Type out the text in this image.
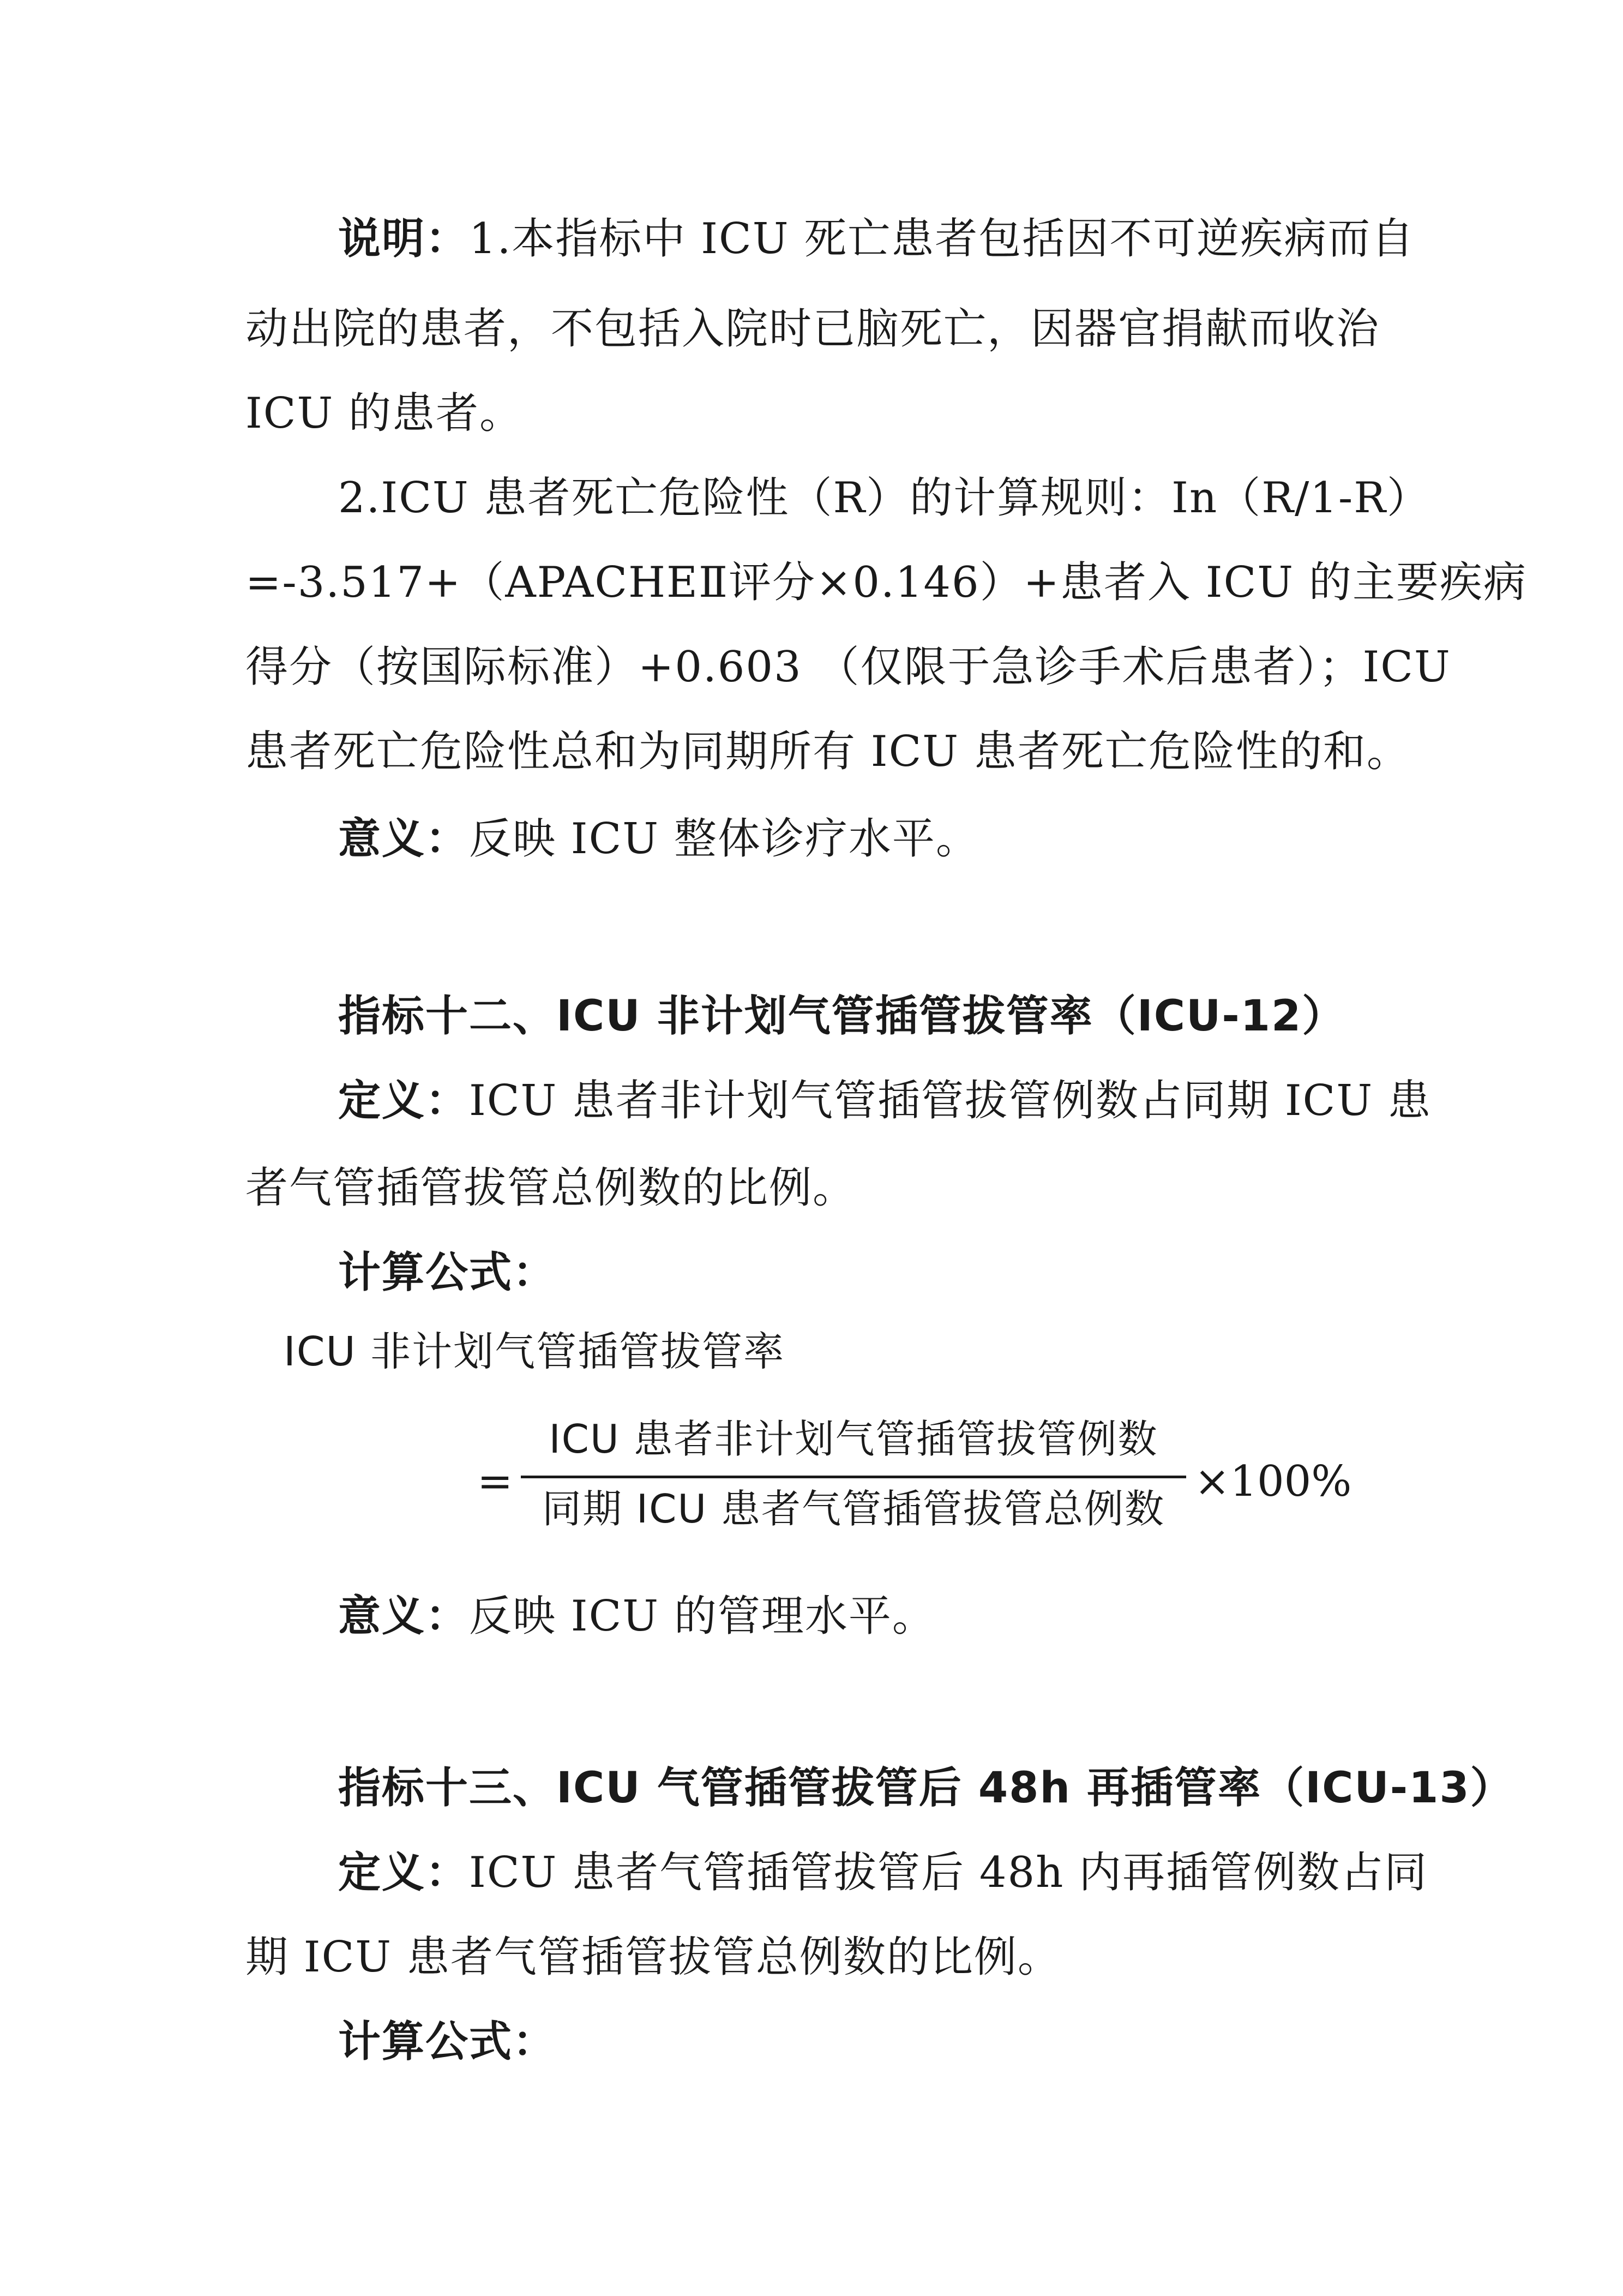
说明：1.本指标中 ICU 死亡患者包括因不可逆疾病而自
动出院的患者，不包括入院时已脑死亡，因器官捐献而收治
ICU 的患者。
2.ICU 患者死亡危险性（R）的计算规则：In（R/1-R）
=-3.517+（APACHEⅡ评分×0.146）+患者入 ICU 的主要疾病
得分（按国际标准）+0.603 （仅限于急诊手术后患者）；ICU
患者死亡危险性总和为同期所有 ICU 患者死亡危险性的和。
意义：反映 ICU 整体诊疗水平。
指标十二、ICU 非计划气管插管拔管率（ICU-12）
定义：ICU 患者非计划气管插管拔管例数占同期 ICU 患
者气管插管拔管总例数的比例。
计算公式：
ICU 非计划气管插管拔管率
=
ICU 患者非计划气管插管拔管例数
同期 ICU 患者气管插管拔管总例数
×100%
意义：反映 ICU 的管理水平。
指标十三、ICU 气管插管拔管后 48h 再插管率（ICU-13）
定义：ICU 患者气管插管拔管后 48h 内再插管例数占同
期 ICU 患者气管插管拔管总例数的比例。
计算公式：
